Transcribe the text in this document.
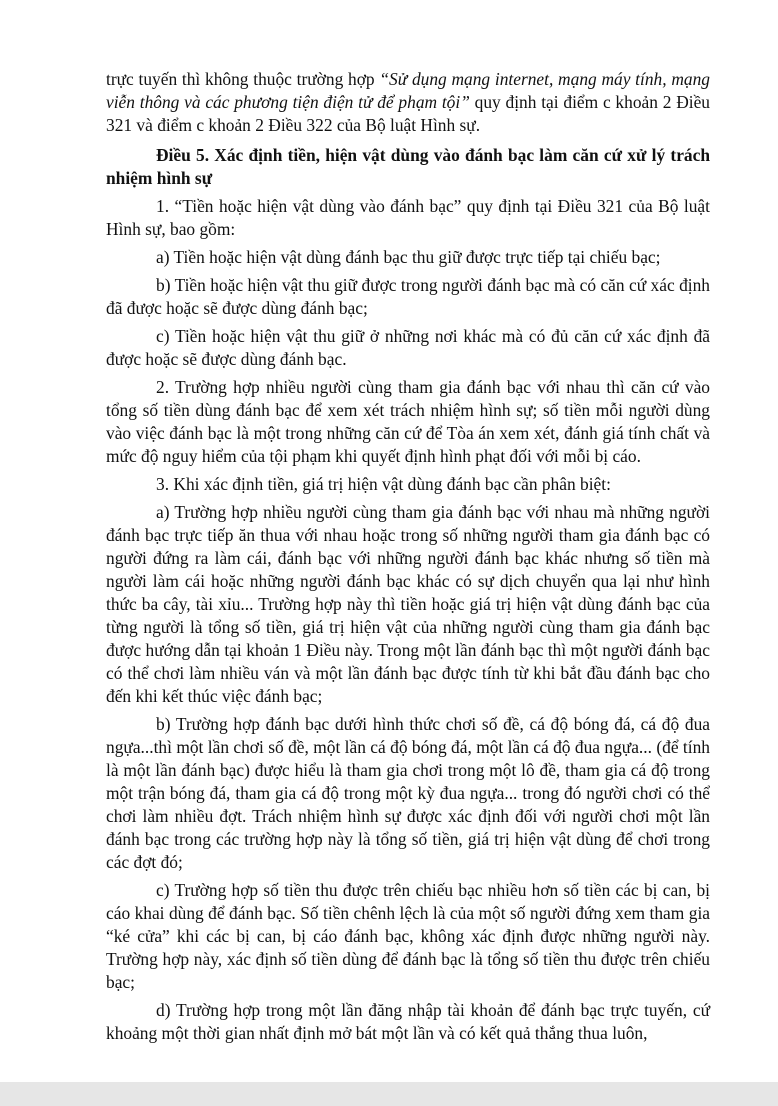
trực tuyến thì không thuộc trường hợp “Sử dụng mạng internet, mạng máy tính, mạng viễn thông và các phương tiện điện tử để phạm tội” quy định tại điểm c khoản 2 Điều 321 và điểm c khoản 2 Điều 322 của Bộ luật Hình sự.

Điều 5. Xác định tiền, hiện vật dùng vào đánh bạc làm căn cứ xử lý trách nhiệm hình sự

1. “Tiền hoặc hiện vật dùng vào đánh bạc” quy định tại Điều 321 của Bộ luật Hình sự, bao gồm:

a) Tiền hoặc hiện vật dùng đánh bạc thu giữ được trực tiếp tại chiếu bạc;

b) Tiền hoặc hiện vật thu giữ được trong người đánh bạc mà có căn cứ xác định đã được hoặc sẽ được dùng đánh bạc;

c) Tiền hoặc hiện vật thu giữ ở những nơi khác mà có đủ căn cứ xác định đã được hoặc sẽ được dùng đánh bạc.

2. Trường hợp nhiều người cùng tham gia đánh bạc với nhau thì căn cứ vào tổng số tiền dùng đánh bạc để xem xét trách nhiệm hình sự; số tiền mỗi người dùng vào việc đánh bạc là một trong những căn cứ để Tòa án xem xét, đánh giá tính chất và mức độ nguy hiểm của tội phạm khi quyết định hình phạt đối với mỗi bị cáo.

3. Khi xác định tiền, giá trị hiện vật dùng đánh bạc cần phân biệt:

a) Trường hợp nhiều người cùng tham gia đánh bạc với nhau mà những người đánh bạc trực tiếp ăn thua với nhau hoặc trong số những người tham gia đánh bạc có người đứng ra làm cái, đánh bạc với những người đánh bạc khác nhưng số tiền mà người làm cái hoặc những người đánh bạc khác có sự dịch chuyển qua lại như hình thức ba cây, tài xỉu... Trường hợp này thì tiền hoặc giá trị hiện vật dùng đánh bạc của từng người là tổng số tiền, giá trị hiện vật của những người cùng tham gia đánh bạc được hướng dẫn tại khoản 1 Điều này. Trong một lần đánh bạc thì một người đánh bạc có thể chơi làm nhiều ván và một lần đánh bạc được tính từ khi bắt đầu đánh bạc cho đến khi kết thúc việc đánh bạc;

b) Trường hợp đánh bạc dưới hình thức chơi số đề, cá độ bóng đá, cá độ đua ngựa...thì một lần chơi số đề, một lần cá độ bóng đá, một lần cá độ đua ngựa... (để tính là một lần đánh bạc) được hiểu là tham gia chơi trong một lô đề, tham gia cá độ trong một trận bóng đá, tham gia cá độ trong một kỳ đua ngựa... trong đó người chơi có thể chơi làm nhiều đợt. Trách nhiệm hình sự được xác định đối với người chơi một lần đánh bạc trong các trường hợp này là tổng số tiền, giá trị hiện vật dùng để chơi trong các đợt đó;

c) Trường hợp số tiền thu được trên chiếu bạc nhiều hơn số tiền các bị can, bị cáo khai dùng để đánh bạc. Số tiền chênh lệch là của một số người đứng xem tham gia “ké cửa” khi các bị can, bị cáo đánh bạc, không xác định được những người này. Trường hợp này, xác định số tiền dùng để đánh bạc là tổng số tiền thu được trên chiếu bạc;

d) Trường hợp trong một lần đăng nhập tài khoản để đánh bạc trực tuyến, cứ khoảng một thời gian nhất định mở bát một lần và có kết quả thắng thua luôn,
